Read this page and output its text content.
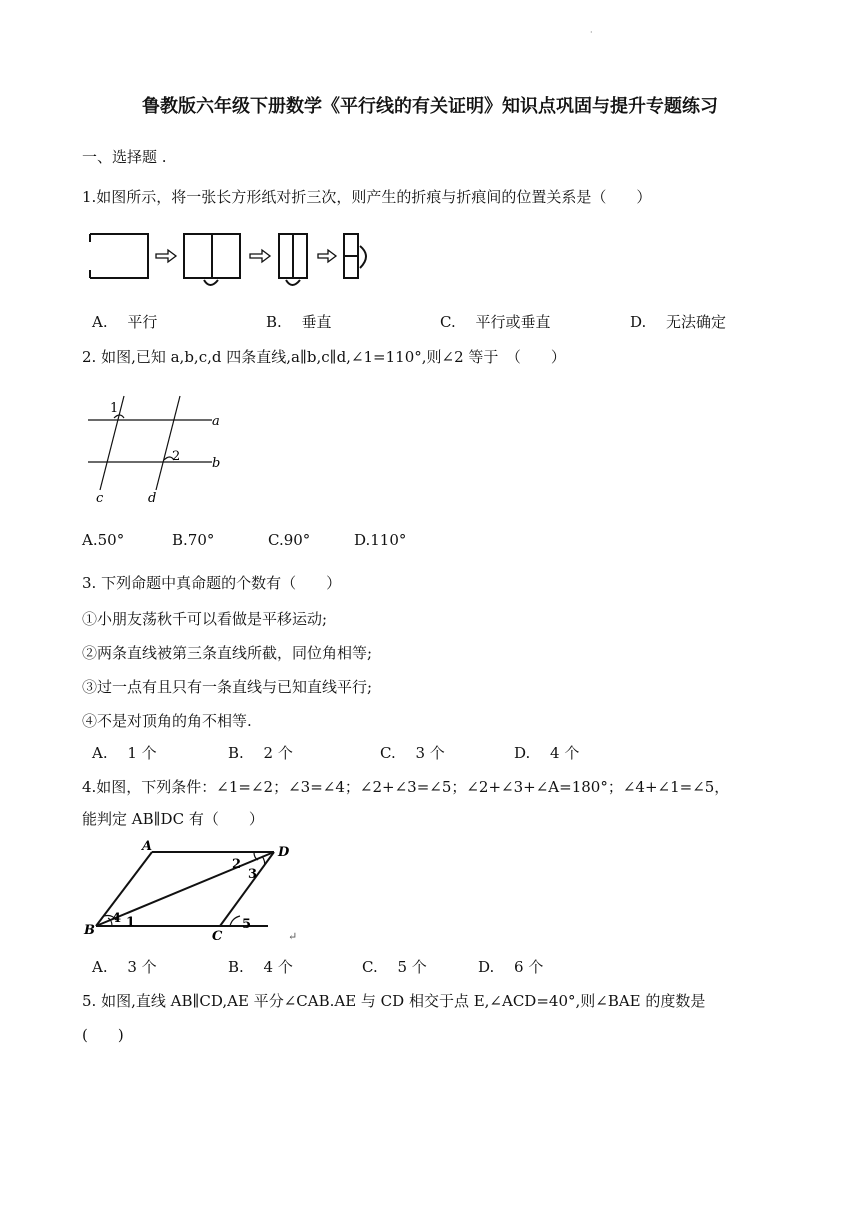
·
鲁教版六年级下册数学《平行线的有关证明》知识点巩固与提升专题练习
一、选择题 .
1.如图所示，将一张长方形纸对折三次，则产生的折痕与折痕间的位置关系是（　　）
A.　 平行	B.　 垂直	C.　 平行或垂直	D.　 无法确定
2. 如图,已知 a,b,c,d 四条直线,a∥b,c∥d,∠1=110°,则∠2 等于　（　　）
1
2
a
b
c	d
A.50°	B.70°	C.90°	D.110°
3. 下列命题中真命题的个数有（　　）
①小朋友荡秋千可以看做是平移运动;
②两条直线被第三条直线所截，同位角相等;
③过一点有且只有一条直线与已知直线平行;
④不是对顶角的角不相等.
A.　 1 个	B.　 2 个	C.　 3 个	D.　 4 个
4.如图，下列条件：∠1=∠2；∠3=∠4；∠2+∠3=∠5；∠2+∠3+∠A=180°；∠4+∠1=∠5，
能判定 AB∥DC 有（　　）
A	D
B	C
2
3
4 1	5
↵
A.　 3 个	B.　 4 个	C.　 5 个	D.　 6 个
5. 如图,直线 AB∥CD,AE 平分∠CAB.AE 与 CD 相交于点 E,∠ACD=40°,则∠BAE 的度数是
(　　)
